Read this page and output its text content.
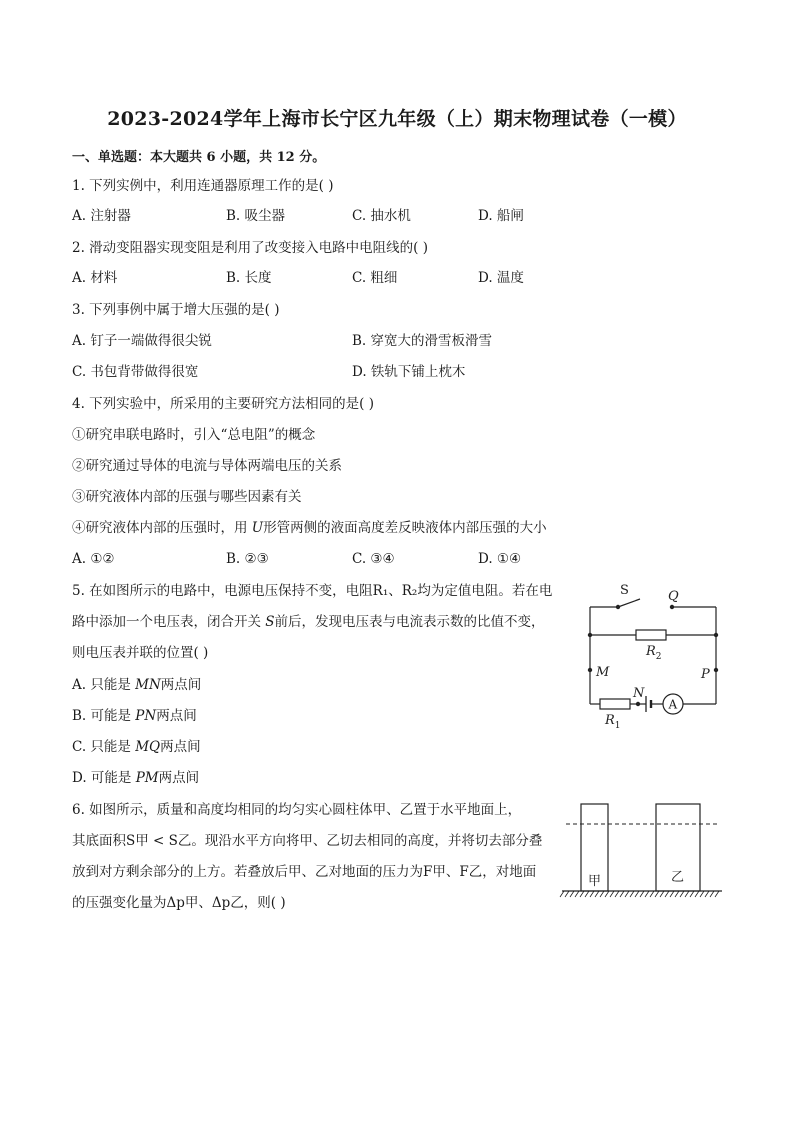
2023-2024学年上海市长宁区九年级（上）期末物理试卷（一模）
一、单选题：本大题共 6 小题，共 12 分。
1. 下列实例中，利用连通器原理工作的是( )
A. 注射器	B. 吸尘器	C. 抽水机	D. 船闸
2. 滑动变阻器实现变阻是利用了改变接入电路中电阻线的( )
A. 材料	B. 长度	C. 粗细	D. 温度
3. 下列事例中属于增大压强的是( )
A. 钉子一端做得很尖锐	B. 穿宽大的滑雪板滑雪
C. 书包背带做得很宽	D. 铁轨下铺上枕木
4. 下列实验中，所采用的主要研究方法相同的是( )
①研究串联电路时，引入“总电阻”的概念
②研究通过导体的电流与导体两端电压的关系
③研究液体内部的压强与哪些因素有关
④研究液体内部的压强时，用 U形管两侧的液面高度差反映液体内部压强的大小
A. ①②	B. ②③	C. ③④	D. ①④
5. 在如图所示的电路中，电源电压保持不变，电阻R₁、R₂均为定值电阻。若在电
路中添加一个电压表，闭合开关 S前后，发现电压表与电流表示数的比值不变，
则电压表并联的位置( )
A. 只能是 MN两点间
B. 可能是 PN两点间
C. 只能是 MQ两点间
D. 可能是 PM两点间
S	Q
$R_2$
M	P
N
$R_1$
A
6. 如图所示，质量和高度均相同的均匀实心圆柱体甲、乙置于水平地面上，
其底面积S甲 < S乙。现沿水平方向将甲、乙切去相同的高度，并将切去部分叠
放到对方剩余部分的上方。若叠放后甲、乙对地面的压力为F甲、F乙，对地面
的压强变化量为Δp甲、Δp乙，则( )
甲	乙
